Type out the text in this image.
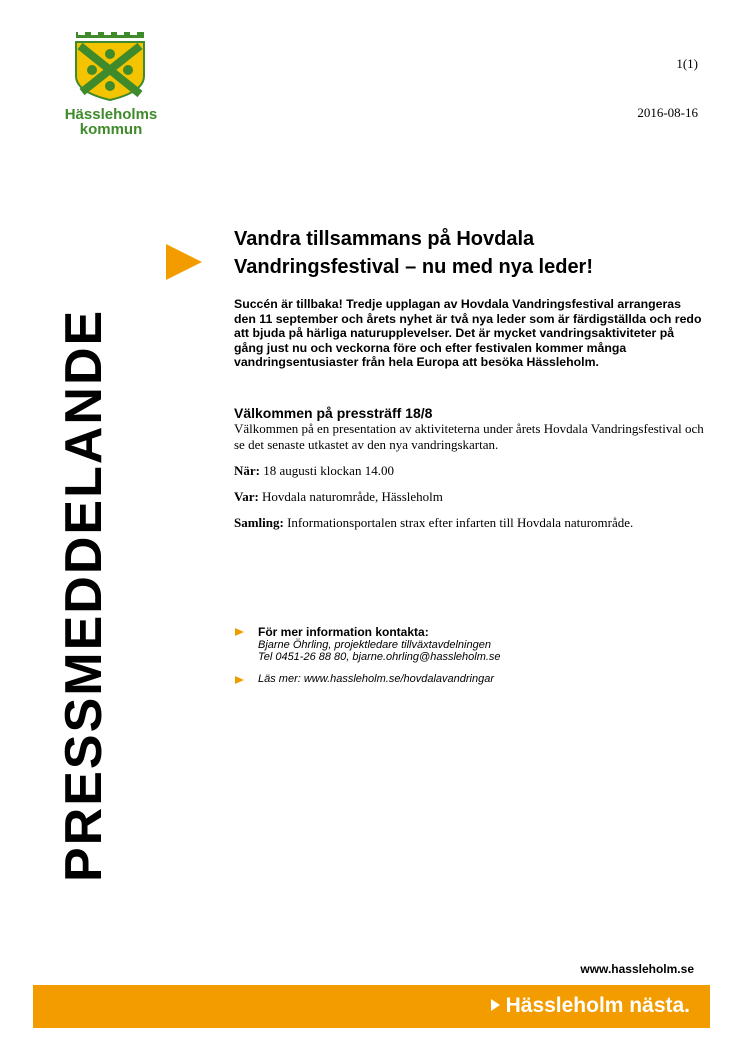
Hässleholms
kommun
1(1)
2016-08-16
PRESSMEDDELANDE
Vandra tillsammans på Hovdala Vandringsfestival – nu med nya leder!

Succén är tillbaka! Tredje upplagan av Hovdala Vandringsfestival arrangeras den 11 september och årets nyhet är två nya leder som är färdigställda och redo att bjuda på härliga naturupplevelser. Det är mycket vandringsaktiviteter på gång just nu och veckorna före och efter festivalen kommer många vandringsentusiaster från hela Europa att besöka Hässleholm.

Välkommen på pressträff 18/8

Välkommen på en presentation av aktiviteterna under årets Hovdala Vandringsfestival och se det senaste utkastet av den nya vandringskartan.

När: 18 augusti klockan 14.00

Var: Hovdala naturområde, Hässleholm

Samling: Informationsportalen strax efter infarten till Hovdala naturområde.

För mer information kontakta:
Bjarne Öhrling, projektledare tillväxtavdelningen
Tel 0451-26 88 80, bjarne.ohrling@hassleholm.se
Läs mer: www.hassleholm.se/hovdalavandringar
www.hassleholm.se
Hässleholm nästa.
